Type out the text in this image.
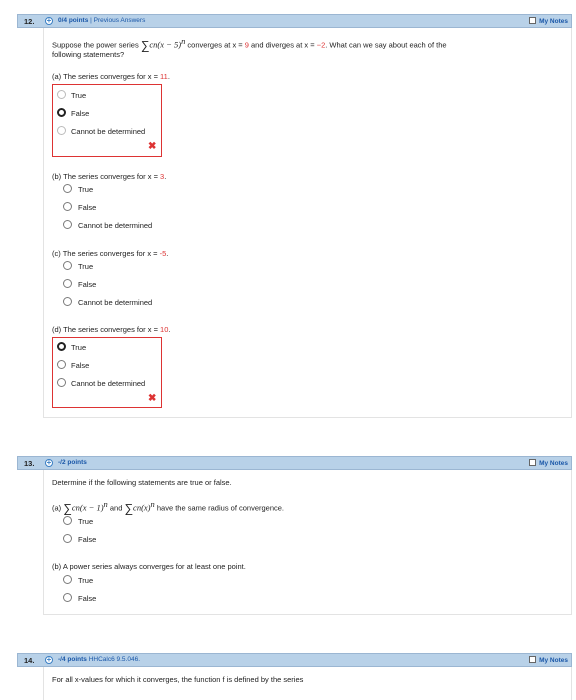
12. + 0/4 points | Previous Answers	My Notes
Suppose the power series $\sum cn(x - 5)^n$ converges at x = 9 and diverges at x = −2. What can we say about each of the
following statements?
(a) The series converges for x = 11.
True
False
Cannot be determined
✖
(b) The series converges for x = 3.
True
False
Cannot be determined
(c) The series converges for x = -5.
True
False
Cannot be determined
(d) The series converges for x = 10.
True
False
Cannot be determined
✖
13. + -/2 points	My Notes
Determine if the following statements are true or false.
(a) $\sum cn(x - 1)^n$ and $\sum cn(x)^n$ have the same radius of convergence.
True
False
(b) A power series always converges for at least one point.
True
False
14. + -/4 points HHCalc6 9.5.046.	My Notes
For all x-values for which it converges, the function f is defined by the series
